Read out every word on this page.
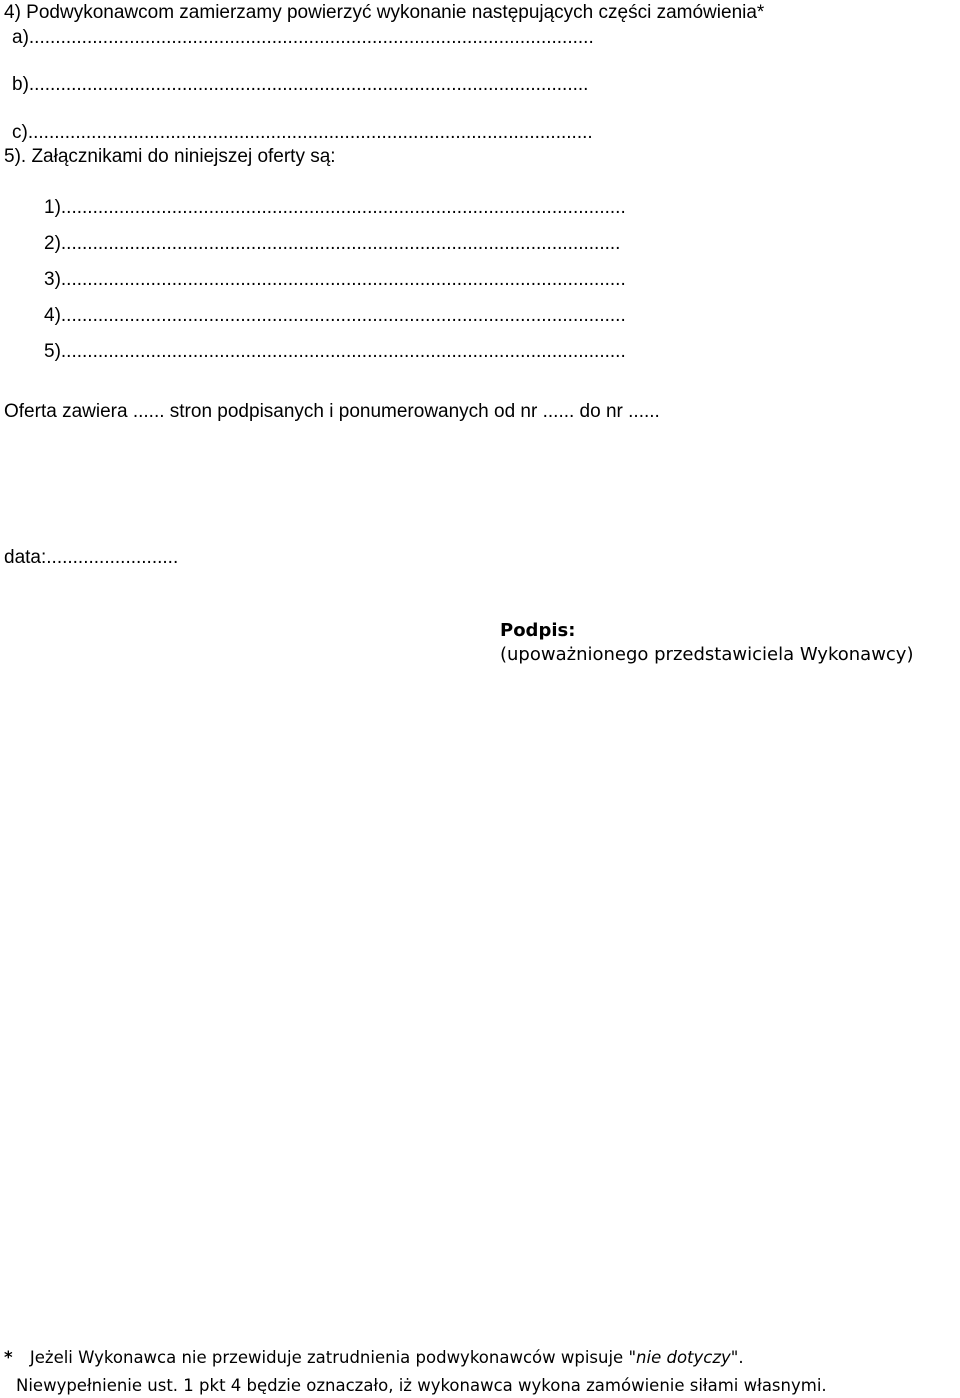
4) Podwykonawcom zamierzamy powierzyć wykonanie następujących części zamówienia*
a)...........................................................................................................
b)..........................................................................................................
c)...........................................................................................................
5). Załącznikami do niniejszej oferty są:
1)...........................................................................................................
2)..........................................................................................................
3)...........................................................................................................
4)...........................................................................................................
5)...........................................................................................................
Oferta zawiera ...... stron podpisanych i ponumerowanych od nr ...... do nr ......
data:.........................
Podpis:
(upoważnionego przedstawiciela Wykonawcy)
* Jeżeli Wykonawca nie przewiduje zatrudnienia podwykonawców wpisuje "nie dotyczy".
Niewypełnienie ust. 1 pkt 4 będzie oznaczało, iż wykonawca wykona zamówienie siłami własnymi.
